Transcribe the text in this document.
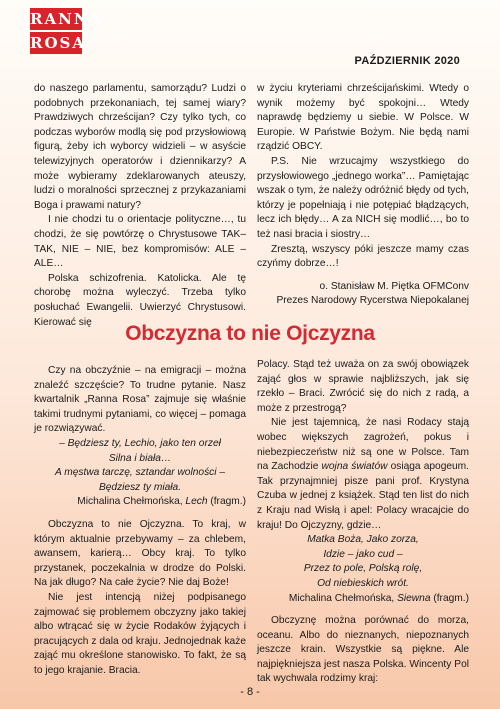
RANNA
ROSA
PAŹDZIERNIK 2020

do naszego parlamentu, samorządu? Ludzi o podobnych przekonaniach, tej samej wiary? Prawdziwych chrześcijan? Czy tylko tych, co podczas wyborów modlą się pod przysłowiową figurą, żeby ich wyborcy widzieli – w asyście telewizyjnych operatorów i dziennikarzy? A może wybieramy zdeklarowanych ateuszy, ludzi o moralności sprzecznej z przykazaniami Boga i prawami natury?

I nie chodzi tu o orientacje polityczne…, tu chodzi, że się powtórzę o Chrystusowe TAK– TAK, NIE – NIE, bez kompromisów: ALE – ALE…

Polska schizofrenia. Katolicka. Ale tę chorobę można wyleczyć. Trzeba tylko posłuchać Ewangelii. Uwierzyć Chrystusowi. Kierować się

w życiu kryteriami chrześcijańskimi. Wtedy o wynik możemy być spokojni… Wtedy naprawdę będziemy u siebie. W Polsce. W Europie. W Państwie Bożym. Nie będą nami rządzić OBCY.

P.S. Nie wrzucajmy wszystkiego do przysłowiowego „jednego worka”… Pamiętając wszak o tym, że należy odróżnić błędy od tych, którzy je popełniają i nie potępiać błądzących, lecz ich błędy… A za NICH się modlić…, bo to też nasi bracia i siostry…

Zresztą, wszyscy póki jeszcze mamy czas czyńmy dobrze…!

o. Stanisław M. Piętka OFMConv

Prezes Narodowy Rycerstwa Niepokalanej

Obczyzna to nie Ojczyzna

Czy na obczyźnie – na emigracji – można znaleźć szczęście? To trudne pytanie. Nasz kwartalnik „Ranna Rosa” zajmuje się właśnie takimi trudnymi pytaniami, co więcej – pomaga je rozwiązywać.

– Będziesz ty, Lechio, jako ten orzeł

Silna i biała…

A męstwa tarczę, sztandar wolności –

Będziesz ty miała.

Michalina Chełmońska, Lech (fragm.)

Obczyzna to nie Ojczyzna. To kraj, w którym aktualnie przebywamy – za chlebem, awansem, karierą… Obcy kraj. To tylko przystanek, poczekalnia w drodze do Polski. Na jak długo? Na całe życie? Nie daj Boże!

Nie jest intencją niżej podpisanego zajmować się problemem obczyzny jako takiej albo wtrącać się w życie Rodaków żyjących i pracujących z dala od kraju. Jednojednak każe zająć mu określone stanowisko. To fakt, że są to jego krajanie. Bracia.

Polacy. Stąd też uważa on za swój obowiązek zająć głos w sprawie najbliższych, jak się rzekło – Braci. Zwrócić się do nich z radą, a może z przestrogą?

Nie jest tajemnicą, że nasi Rodacy stają wobec większych zagrożeń, pokus i niebezpieczeństw niż są one w Polsce. Tam na Zachodzie wojna światów osiąga apogeum. Tak przynajmniej pisze pani prof. Krystyna Czuba w jednej z książek. Stąd ten list do nich z Kraju nad Wisłą i apel: Polacy wracajcie do kraju! Do Ojczyzny, gdzie…

Matka Boża, Jako zorza,

Idzie – jako cud –

Przez to pole, Polską rolę,

Od niebieskich wrót.

Michalina Chełmońska, Siewna (fragm.)

Obczyznę można porównać do morza, oceanu. Albo do nieznanych, niepoznanych jeszcze krain. Wszystkie są piękne. Ale najpiękniejsza jest nasza Polska. Wincenty Pol tak wychwala rodzimy kraj:

- 8 -
